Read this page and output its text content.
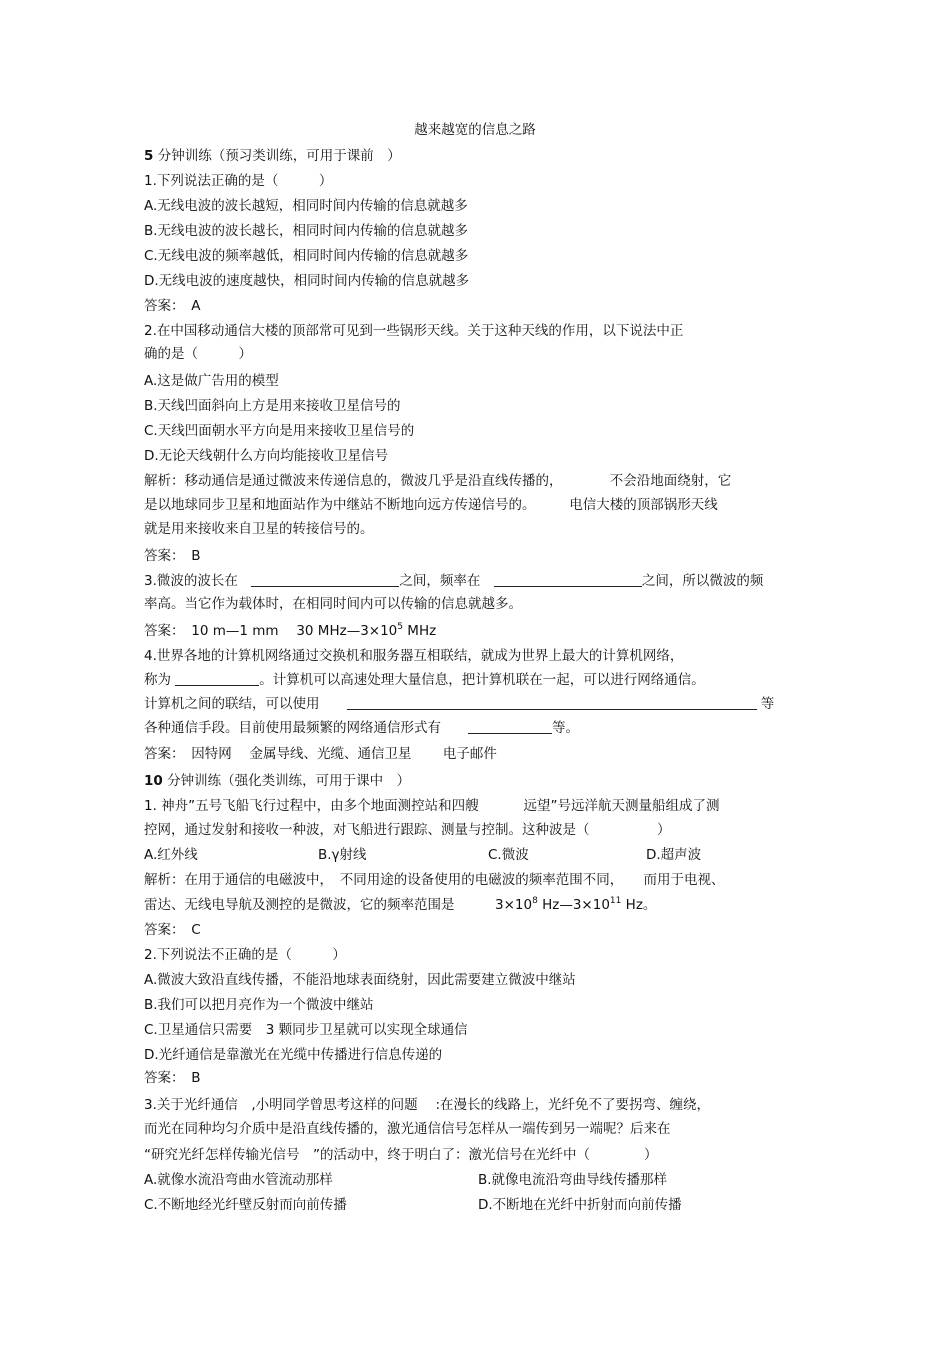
越来越宽的信息之路
5 分钟训练（预习类训练，可用于课前　）
1.下列说法正确的是（　　　）
A.无线电波的波长越短，相同时间内传输的信息就越多
B.无线电波的波长越长，相同时间内传输的信息就越多
C.无线电波的频率越低，相同时间内传输的信息就越多
D.无线电波的速度越快，相同时间内传输的信息就越多
答案：　A
2.在中国移动通信大楼的顶部常可见到一些锅形天线。关于这种天线的作用，以下说法中正
确的是（　　　）
A.这是做广告用的模型
B.天线凹面斜向上方是用来接收卫星信号的
C.天线凹面朝水平方向是用来接收卫星信号的
D.无论天线朝什么方向均能接收卫星信号
解析：移动通信是通过微波来传递信息的，微波几乎是沿直线传播的，　　　　不会沿地面绕射，它
是以地球同步卫星和地面站作为中继站不断地向远方传递信号的。　　　电信大楼的顶部锅形天线
就是用来接收来自卫星的转接信号的。
答案：　B
3.微波的波长在　	之间，频率在　	之间，所以微波的频
率高。当它作为载体时，在相同时间内可以传输的信息就越多。
答案：　10 m—1 mm　 30 $MHz—3\times 10^5$ MHz
4.世界各地的计算机网络通过交换机和服务器互相联结，就成为世界上最大的计算机网络，
称为	。计算机可以高速处理大量信息，把计算机联在一起，可以进行网络通信。
计算机之间的联结，可以使用　　	等
各种通信手段。目前使用最频繁的网络通信形式有　　	等。
答案：　因特网　 金属导线、光缆、通信卫星　　 电子邮件
10 分钟训练（强化类训练，可用于课中　）
1. 神舟”五号飞船飞行过程中，由多个地面测控站和四艘　　　 远望”号远洋航天测量船组成了测
控网，通过发射和接收一种波，对飞船进行跟踪、测量与控制。这种波是（　　　　　）
A.红外线	B.γ射线	C.微波	D.超声波
解析：在用于通信的电磁波中，　不同用途的设备使用的电磁波的频率范围不同，　　而用于电视、
雷达、无线电导航及测控的是微波，它的频率范围是　　　$3\times 10^8$ $Hz—3\times 10^{11}$ Hz。
答案：　C
2.下列说法不正确的是（　　　）
A.微波大致沿直线传播，不能沿地球表面绕射，因此需要建立微波中继站
B.我们可以把月亮作为一个微波中继站
C.卫星通信只需要　3 颗同步卫星就可以实现全球通信
D.光纤通信是靠激光在光缆中传播进行信息传递的
答案：　B
3.关于光纤通信　,小明同学曾思考这样的问题　 :在漫长的线路上，光纤免不了要拐弯、缠绕，
而光在同种均匀介质中是沿直线传播的，激光通信信号怎样从一端传到另一端呢？后来在
“研究光纤怎样传输光信号　”的活动中，终于明白了：激光信号在光纤中（　　　　）
A.就像水流沿弯曲水管流动那样	B.就像电流沿弯曲导线传播那样
C.不断地经光纤壁反射而向前传播	D.不断地在光纤中折射而向前传播
